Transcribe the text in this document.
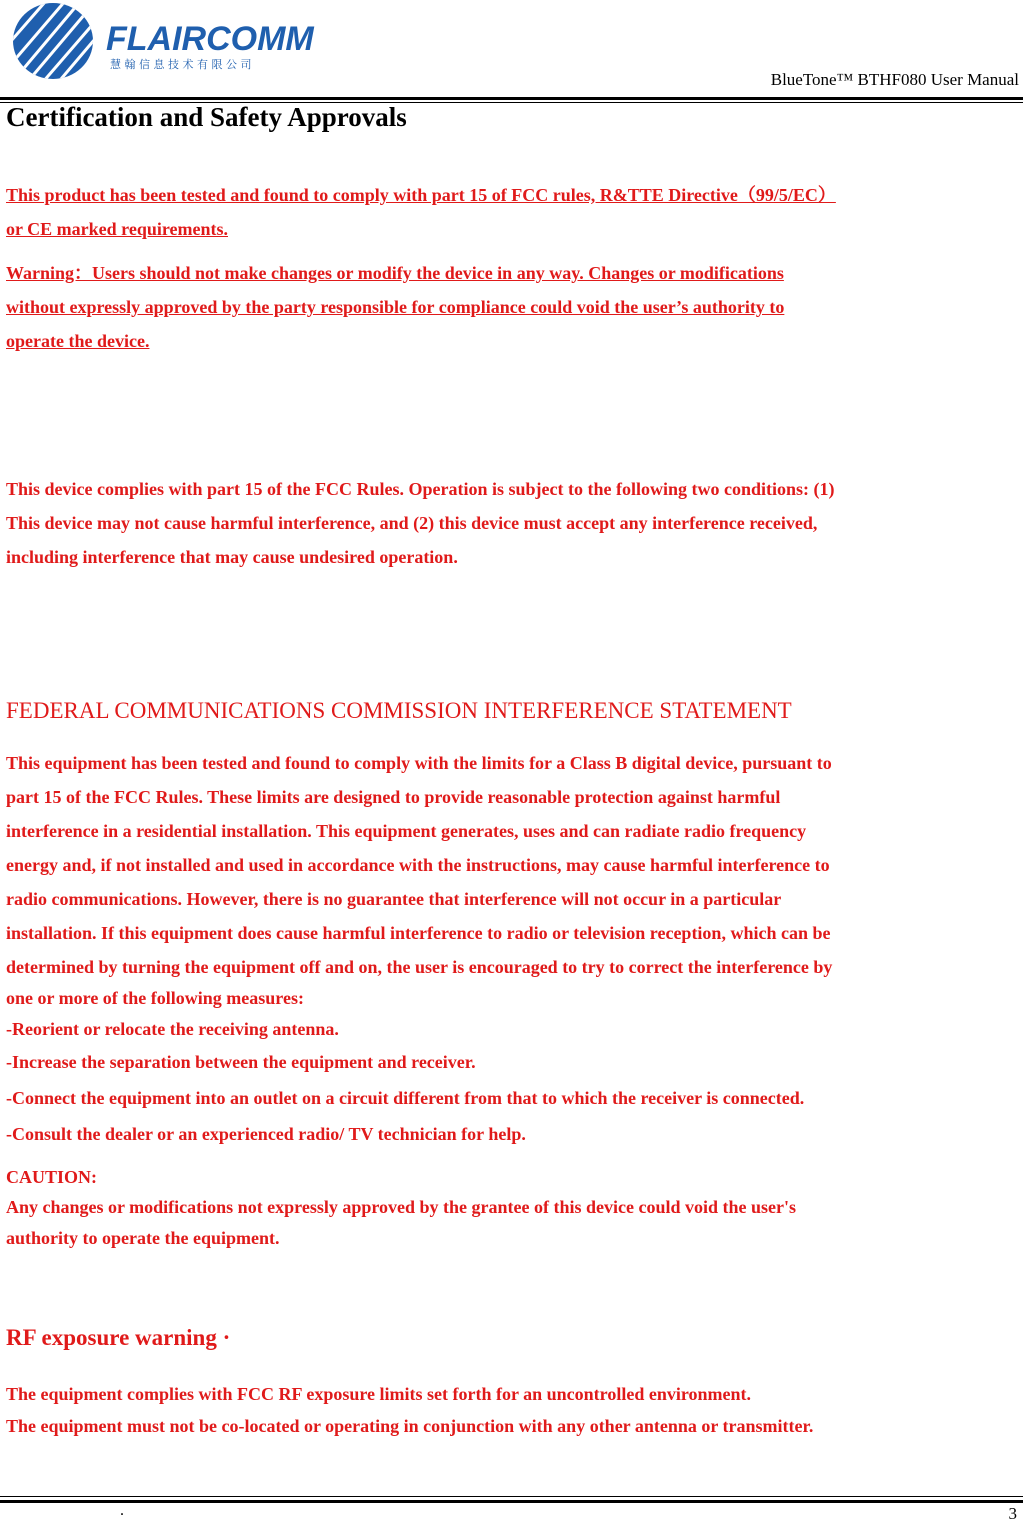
FLAIRCOMM
慧 翰 信 息 技 术 有 限 公 司
BlueTone™ BTHF080 User Manual
Certification and Safety Approvals
This product has been tested and found to comply with part 15 of FCC rules, R&TTE Directive（99/5/EC）
or CE marked requirements.
Warning：Users should not make changes or modify the device in any way. Changes or modifications
without expressly approved by the party responsible for compliance could void the user’s authority to
operate the device.
This device complies with part 15 of the FCC Rules. Operation is subject to the following two conditions: (1)
This device may not cause harmful interference, and (2) this device must accept any interference received,
including interference that may cause undesired operation.
FEDERAL COMMUNICATIONS COMMISSION INTERFERENCE STATEMENT
This equipment has been tested and found to comply with the limits for a Class B digital device, pursuant to
part 15 of the FCC Rules. These limits are designed to provide reasonable protection against harmful
interference in a residential installation. This equipment generates, uses and can radiate radio frequency
energy and, if not installed and used in accordance with the instructions, may cause harmful interference to
radio communications. However, there is no guarantee that interference will not occur in a particular
installation. If this equipment does cause harmful interference to radio or television reception, which can be
determined by turning the equipment off and on, the user is encouraged to try to correct the interference by
one or more of the following measures:
-Reorient or relocate the receiving antenna.
-Increase the separation between the equipment and receiver.
-Connect the equipment into an outlet on a circuit different from that to which the receiver is connected.
-Consult the dealer or an experienced radio/ TV technician for help.
CAUTION:
Any changes or modifications not expressly approved by the grantee of this device could void the user's
authority to operate the equipment.
RF exposure warning ·
The equipment complies with FCC RF exposure limits set forth for an uncontrolled environment.
The equipment must not be co-located or operating in conjunction with any other antenna or transmitter.
.	3
